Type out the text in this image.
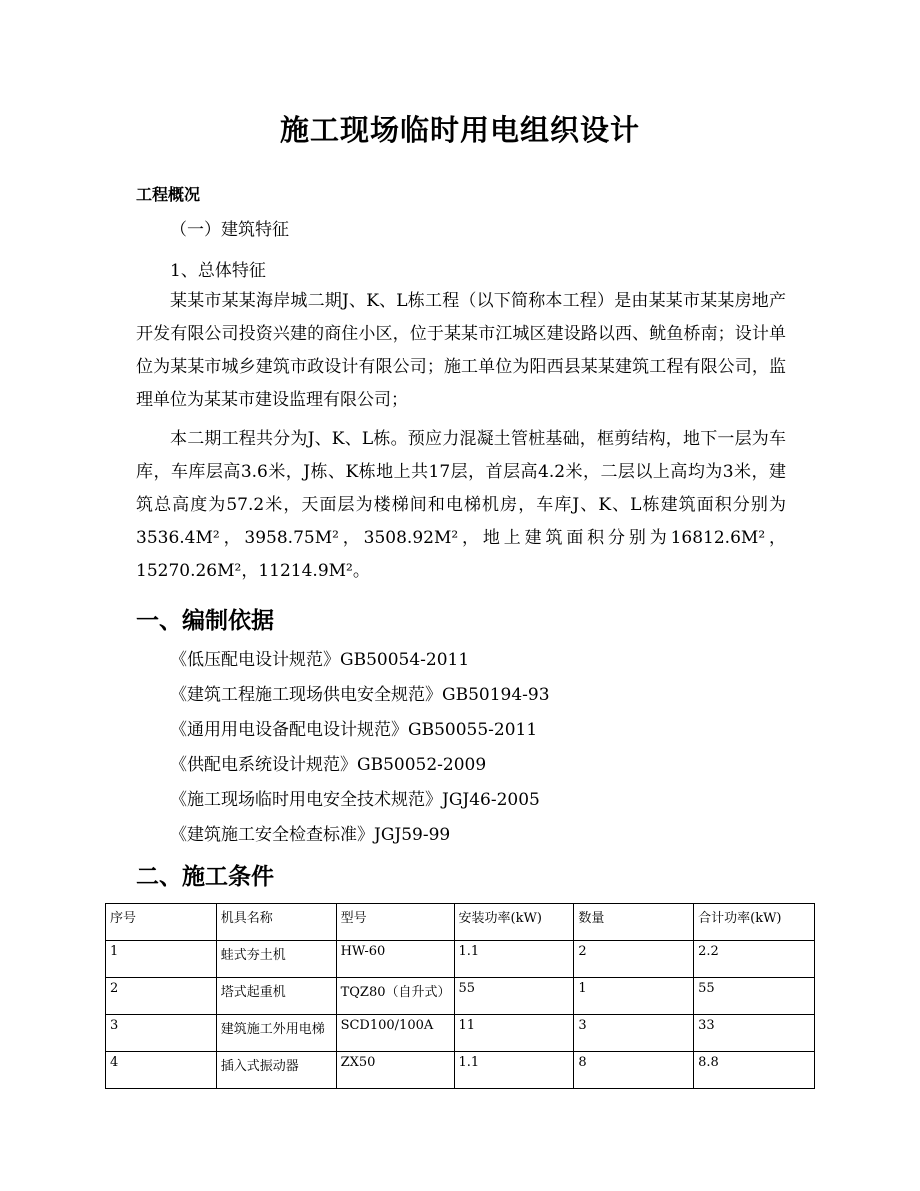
施工现场临时用电组织设计
工程概况
（一）建筑特征
1、总体特征
某某市某某海岸城二期J、K、L栋工程（以下简称本工程）是由某某市某某房地产开发有限公司投资兴建的商住小区，位于某某市江城区建设路以西、鱿鱼桥南；设计单位为某某市城乡建筑市政设计有限公司；施工单位为阳西县某某建筑工程有限公司，监理单位为某某市建设监理有限公司；
本二期工程共分为J、K、L栋。预应力混凝土管桩基础，框剪结构，地下一层为车库，车库层高3.6米，J栋、K栋地上共17层，首层高4.2米，二层以上高均为3米，建筑总高度为57.2米，天面层为楼梯间和电梯机房，车库J、K、L栋建筑面积分别为3536.4M²，3958.75M²，3508.92M²，地上建筑面积分别为16812.6M²，15270.26M²，11214.9M²。
一、编制依据
《低压配电设计规范》GB50054-2011
《建筑工程施工现场供电安全规范》GB50194-93
《通用用电设备配电设计规范》GB50055-2011
《供配电系统设计规范》GB50052-2009
《施工现场临时用电安全技术规范》JGJ46-2005
《建筑施工安全检查标准》JGJ59-99
二、施工条件
序号	机具名称	型号	安装功率(kW)	数量	合计功率(kW)
1	蛙式夯土机	HW-60	1.1	2	2.2
2	塔式起重机	TQZ80（自升式）	55	1	55
3	建筑施工外用电梯	SCD100/100A	11	3	33
4	插入式振动器	ZX50	1.1	8	8.8
